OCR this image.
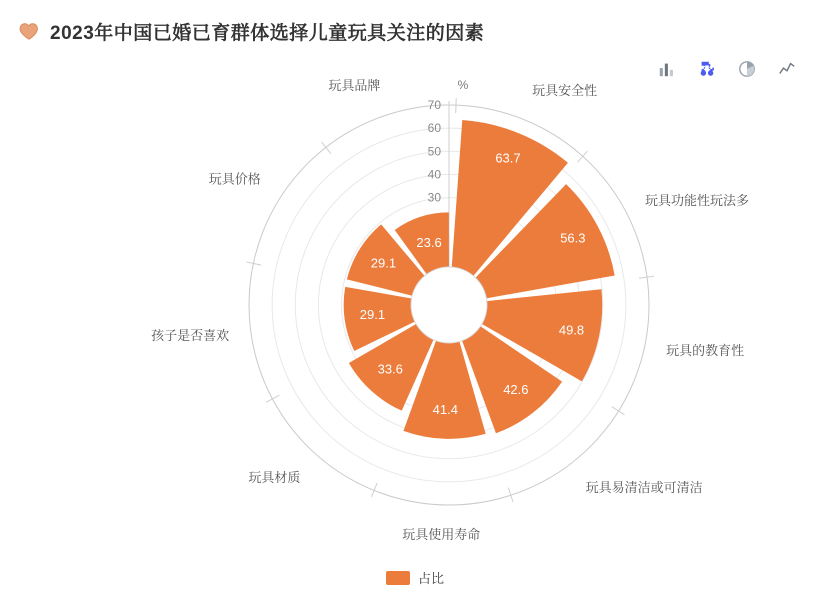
2023年中国已婚已育群体选择儿童玩具关注的因素
30
40
50
60
70
%
63.7
56.3
49.8
42.6
41.4
33.6
29.1
29.1
23.6
玩具安全性
玩具功能性玩法多
玩具的教育性
玩具易清洁或可清洁
玩具使用寿命
玩具材质
孩子是否喜欢
玩具价格
玩具品牌
占比
